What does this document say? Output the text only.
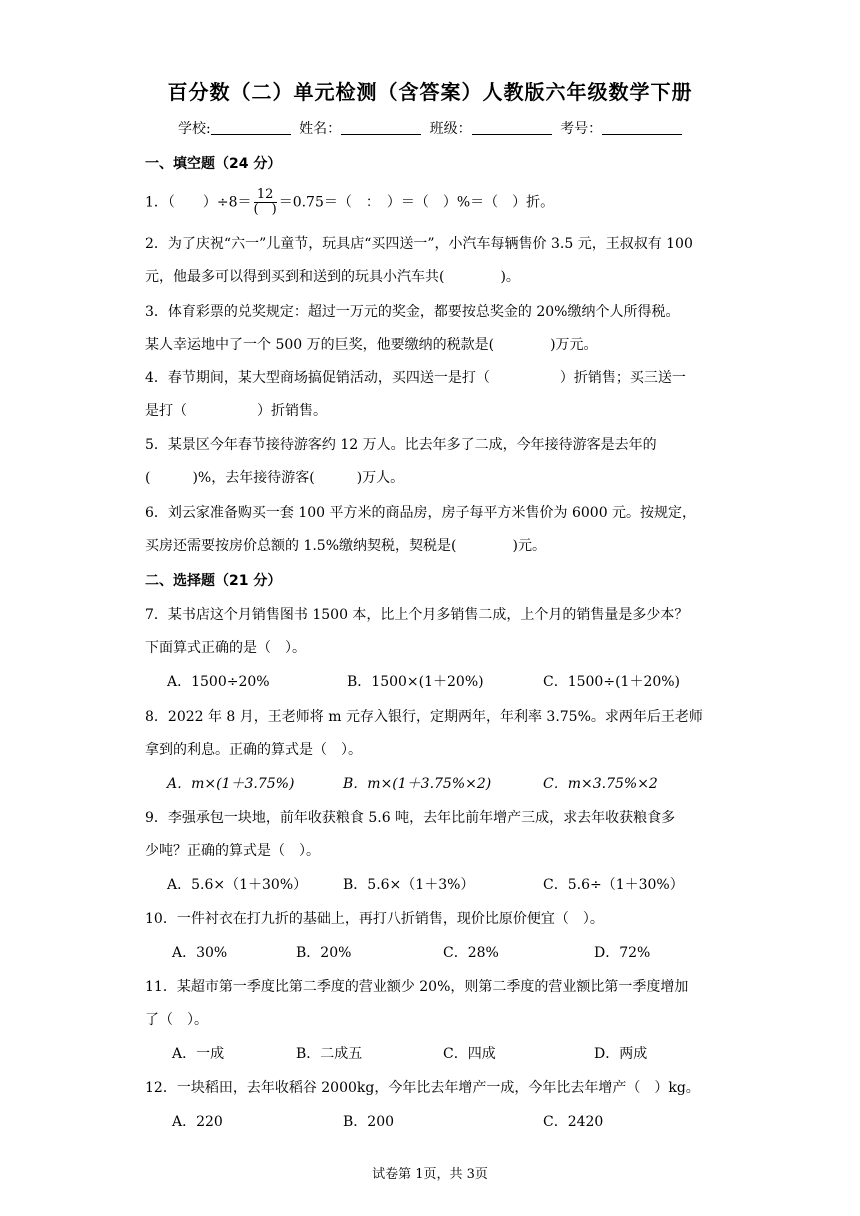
百分数（二）单元检测（含答案）人教版六年级数学下册
学校:	姓名：	班级：	考号：
一、填空题（24 分）
1．（　　）$\div 8= \frac{12}{( )} =0.75=$（　：　）＝（　）%＝（　）折。
2．为了庆祝“六一”儿童节，玩具店“买四送一”，小汽车每辆售价 3.5 元，王叔叔有 100
元，他最多可以得到买到和送到的玩具小汽车共(　　　　)。
3．体育彩票的兑奖规定：超过一万元的奖金，都要按总奖金的 20%缴纳个人所得税。
某人幸运地中了一个 500 万的巨奖，他要缴纳的税款是(　　　　)万元。
4．春节期间，某大型商场搞促销活动，买四送一是打（　　　　　）折销售；买三送一
是打（　　　　　）折销售。
5．某景区今年春节接待游客约 12 万人。比去年多了二成，今年接待游客是去年的
(　　　)%，去年接待游客(　　　)万人。
6．刘云家准备购买一套 100 平方米的商品房，房子每平方米售价为 6000 元。按规定，
买房还需要按房价总额的 1.5%缴纳契税，契税是(　　　　)元。
二、选择题（21 分）
7．某书店这个月销售图书 1500 本，比上个月多销售二成，上个月的销售量是多少本？
下面算式正确的是（　）。
A．1500÷20%	B．1500×(1＋20%)	C．1500÷(1＋20%)
8．2022 年 8 月，王老师将 m 元存入银行，定期两年，年利率 3.75%。求两年后王老师
拿到的利息。正确的算式是（　）。
A．m×(1＋3.75%)	B．m×(1＋3.75%×2)	C．m×3.75%×2
9．李强承包一块地，前年收获粮食 5.6 吨，去年比前年增产三成，求去年收获粮食多
少吨？正确的算式是（　）。
A．5.6×（1＋30%）	B．5.6×（1＋3%）	C．5.6÷（1＋30%）
10．一件衬衣在打九折的基础上，再打八折销售，现价比原价便宜（　）。
A．30%	B．20%	C．28%	D．72%
11．某超市第一季度比第二季度的营业额少 20%，则第二季度的营业额比第一季度增加
了（　）。
A．一成	B．二成五	C．四成	D．两成
12．一块稻田，去年收稻谷 2000kg，今年比去年增产一成，今年比去年增产（　）kg。
A．220	B．200	C．2420
试卷第 1页，共 3页
